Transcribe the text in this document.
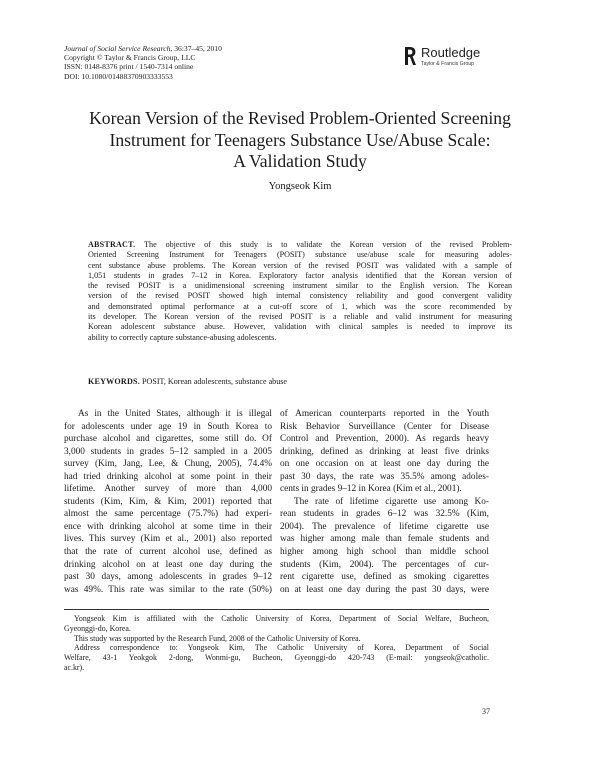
Journal of Social Service Research, 36:37–45, 2010
Copyright © Taylor & Francis Group, LLC
ISSN: 0148-8376 print / 1540-7314 online
DOI: 10.1080/01488370903333553
Routledge
Taylor & Francis Group
Korean Version of the Revised Problem-Oriented Screening
Instrument for Teenagers Substance Use/Abuse Scale:
A Validation Study
Yongseok Kim
ABSTRACT. The objective of this study is to validate the Korean version of the revised Problem-
Oriented Screening Instrument for Teenagers (POSIT) substance use/abuse scale for measuring adoles-
cent substance abuse problems. The Korean version of the revised POSIT was validated with a sample of
1,051 students in grades 7–12 in Korea. Exploratory factor analysis identified that the Korean version of
the revised POSIT is a unidimensional screening instrument similar to the English version. The Korean
version of the revised POSIT showed high internal consistency reliability and good convergent validity
and demonstrated optimal performance at a cut-off score of 1, which was the score recommended by
its developer. The Korean version of the revised POSIT is a reliable and valid instrument for measuring
Korean adolescent substance abuse. However, validation with clinical samples is needed to improve its
ability to correctly capture substance-abusing adolescents.
KEYWORDS. POSIT, Korean adolescents, substance abuse
As in the United States, although it is illegal
for adolescents under age 19 in South Korea to
purchase alcohol and cigarettes, some still do. Of
3,000 students in grades 5–12 sampled in a 2005
survey (Kim, Jang, Lee, & Chung, 2005), 74.4%
had tried drinking alcohol at some point in their
lifetime. Another survey of more than 4,000
students (Kim, Kim, & Kim, 2001) reported that
almost the same percentage (75.7%) had experi-
ence with drinking alcohol at some time in their
lives. This survey (Kim et al., 2001) also reported
that the rate of current alcohol use, defined as
drinking alcohol on at least one day during the
past 30 days, among adolescents in grades 9–12
was 49%. This rate was similar to the rate (50%)
of American counterparts reported in the Youth
Risk Behavior Surveillance (Center for Disease
Control and Prevention, 2000). As regards heavy
drinking, defined as drinking at least five drinks
on one occasion on at least one day during the
past 30 days, the rate was 35.5% among adoles-
cents in grades 9–12 in Korea (Kim et al., 2001).
The rate of lifetime cigarette use among Ko-
rean students in grades 6–12 was 32.5% (Kim,
2004). The prevalence of lifetime cigarette use
was higher among male than female students and
higher among high school than middle school
students (Kim, 2004). The percentages of cur-
rent cigarette use, defined as smoking cigarettes
on at least one day during the past 30 days, were
Yongseok Kim is affiliated with the Catholic University of Korea, Department of Social Welfare, Bucheon,
Gyeonggi-do, Korea.
This study was supported by the Research Fund, 2008 of the Catholic University of Korea.
Address correspondence to: Yongseok Kim, The Catholic University of Korea, Department of Social
Welfare, 43-1 Yeokgok 2-dong, Wonmi-gu, Bucheon, Gyeonggi-do 420-743 (E-mail: yongseok@catholic.
ac.kr).
37
